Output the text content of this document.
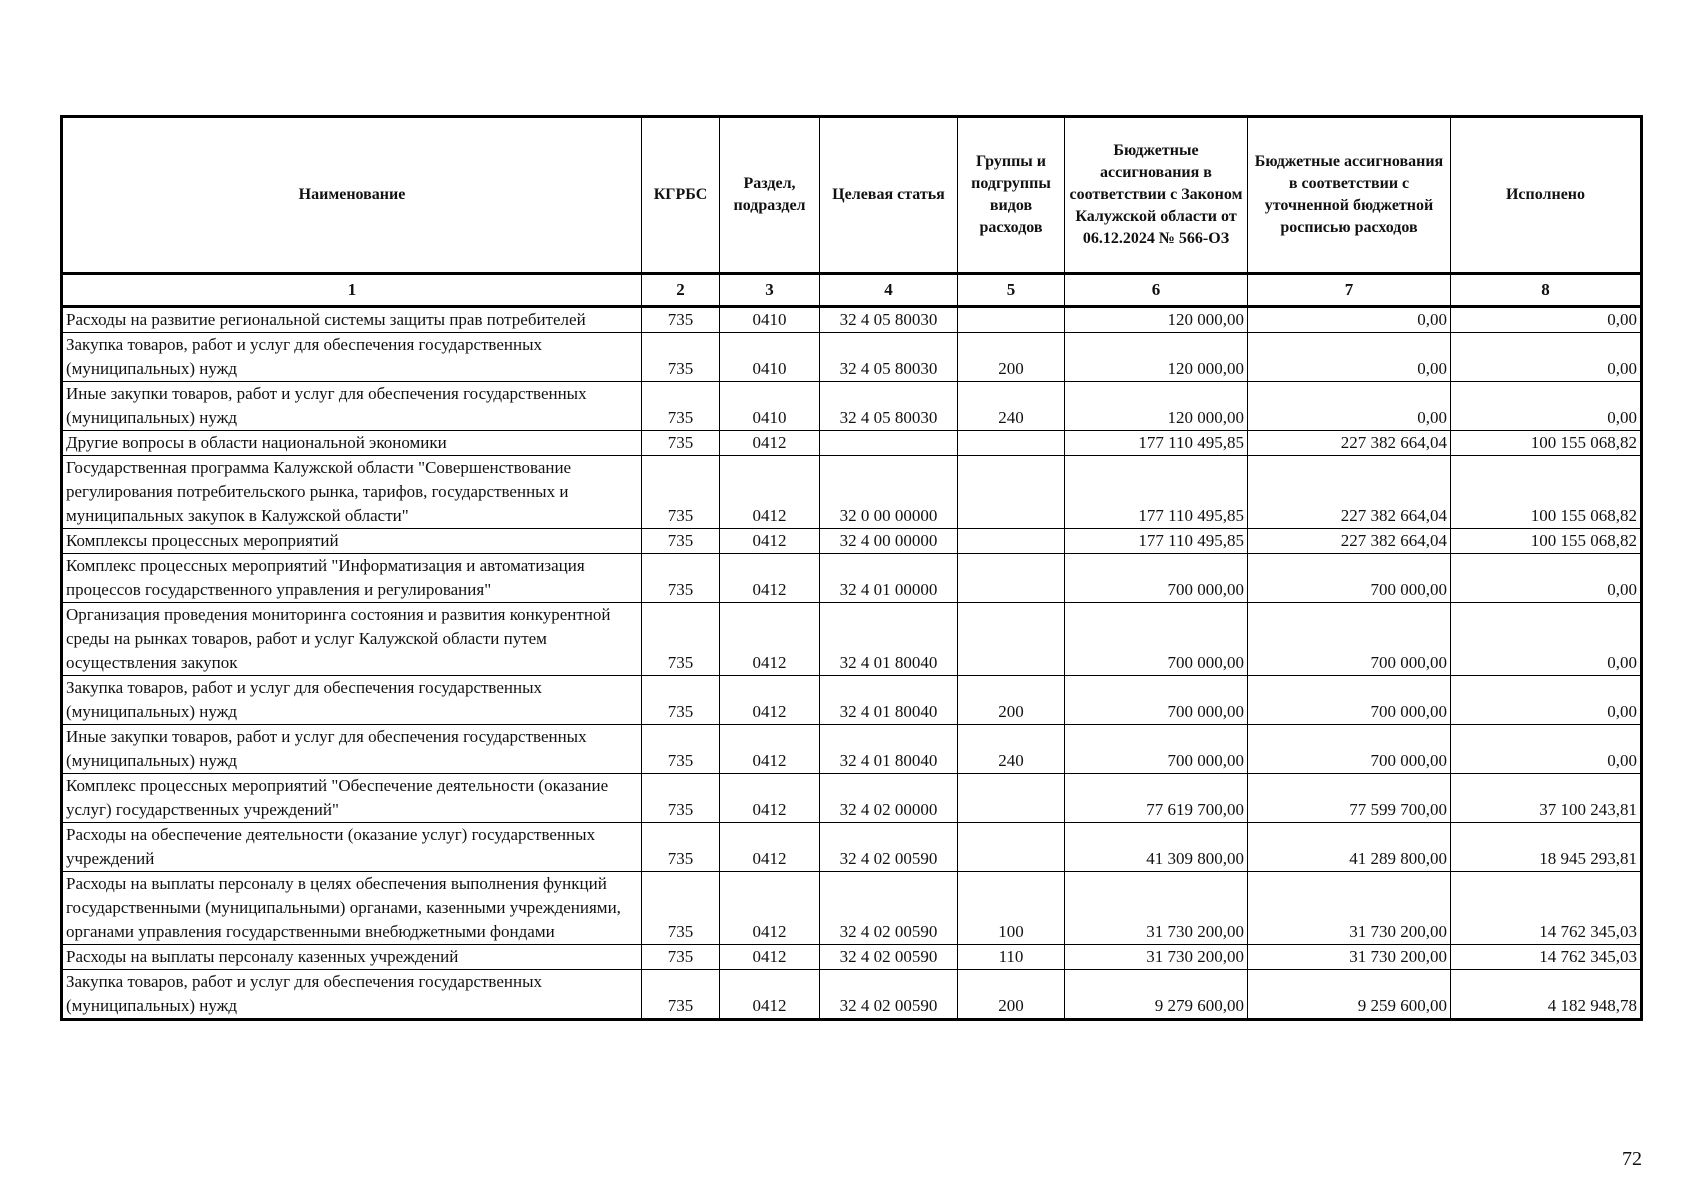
Наименование	КГРБС	Раздел, подраздел	Целевая статья	Группы и подгруппы видов расходов	Бюджетные ассигнования в соответствии с Законом Калужской области от 06.12.2024 № 566-ОЗ	Бюджетные ассигнования в соответствии с уточненной бюджетной росписью расходов	Исполнено
1	2	3	4	5	6	7	8
Расходы на развитие региональной системы защиты прав потребителей	735	0410	32 4 05 80030		120 000,00	0,00	0,00
Закупка товаров, работ и услуг для обеспечения государственных (муниципальных) нужд	735	0410	32 4 05 80030	200	120 000,00	0,00	0,00
Иные закупки товаров, работ и услуг для обеспечения государственных (муниципальных) нужд	735	0410	32 4 05 80030	240	120 000,00	0,00	0,00
Другие вопросы в области национальной экономики	735	0412			177 110 495,85	227 382 664,04	100 155 068,82
Государственная программа Калужской области "Совершенствование регулирования потребительского рынка, тарифов, государственных и муниципальных закупок в Калужской области"	735	0412	32 0 00 00000		177 110 495,85	227 382 664,04	100 155 068,82
Комплексы процессных мероприятий	735	0412	32 4 00 00000		177 110 495,85	227 382 664,04	100 155 068,82
Комплекс процессных мероприятий "Информатизация и автоматизация процессов государственного управления и регулирования"	735	0412	32 4 01 00000		700 000,00	700 000,00	0,00
Организация проведения мониторинга состояния и развития конкурентной среды на рынках товаров, работ и услуг Калужской области путем осуществления закупок	735	0412	32 4 01 80040		700 000,00	700 000,00	0,00
Закупка товаров, работ и услуг для обеспечения государственных (муниципальных) нужд	735	0412	32 4 01 80040	200	700 000,00	700 000,00	0,00
Иные закупки товаров, работ и услуг для обеспечения государственных (муниципальных) нужд	735	0412	32 4 01 80040	240	700 000,00	700 000,00	0,00
Комплекс процессных мероприятий "Обеспечение деятельности (оказание услуг) государственных учреждений"	735	0412	32 4 02 00000		77 619 700,00	77 599 700,00	37 100 243,81
Расходы на обеспечение деятельности (оказание услуг) государственных учреждений	735	0412	32 4 02 00590		41 309 800,00	41 289 800,00	18 945 293,81
Расходы на выплаты персоналу в целях обеспечения выполнения функций государственными (муниципальными) органами, казенными учреждениями, органами управления государственными внебюджетными фондами	735	0412	32 4 02 00590	100	31 730 200,00	31 730 200,00	14 762 345,03
Расходы на выплаты персоналу казенных учреждений	735	0412	32 4 02 00590	110	31 730 200,00	31 730 200,00	14 762 345,03
Закупка товаров, работ и услуг для обеспечения государственных (муниципальных) нужд	735	0412	32 4 02 00590	200	9 279 600,00	9 259 600,00	4 182 948,78
72
